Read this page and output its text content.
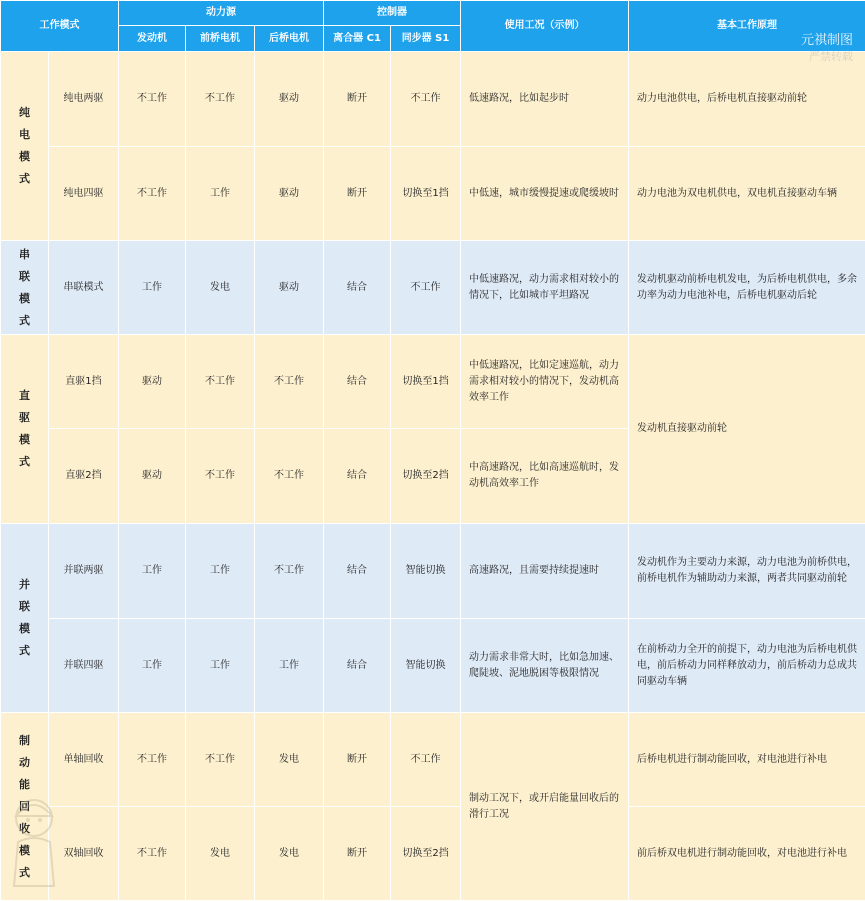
工作模式		动力源			控制器		使用工况（示例）	基本工作原理
		发动机	前桥电机	后桥电机	离合器 C1	同步器 S1		
纯电模式	纯电两驱	不工作	不工作	驱动	断开	不工作	低速路况，比如起步时	动力电池供电，后桥电机直接驱动前轮
	纯电四驱	不工作	工作	驱动	断开	切换至1挡	中低速，城市缓慢提速或爬缓坡时	动力电池为双电机供电，双电机直接驱动车辆
串联模式	串联模式	工作	发电	驱动	结合	不工作	中低速路况，动力需求相对较小的情况下，比如城市平坦路况	发动机驱动前桥电机发电，为后桥电机供电，多余功率为动力电池补电，后桥电机驱动后轮
直驱模式	直驱1挡	驱动	不工作	不工作	结合	切换至1挡	中低速路况，比如定速巡航，动力需求相对较小的情况下，发动机高效率工作	发动机直接驱动前轮
	直驱2挡	驱动	不工作	不工作	结合	切换至2挡	中高速路况，比如高速巡航时，发动机高效率工作	
并联模式	并联两驱	工作	工作	不工作	结合	智能切换	高速路况，且需要持续提速时	发动机作为主要动力来源，动力电池为前桥供电，前桥电机作为辅助动力来源，两者共同驱动前轮
	并联四驱	工作	工作	工作	结合	智能切换	动力需求非常大时，比如急加速、爬陡坡、泥地脱困等极限情况	在前桥动力全开的前提下，动力电池为后桥电机供电，前后桥动力同样释放动力，前后桥动力总成共同驱动车辆
制动能回收模式	单轴回收	不工作	不工作	发电	断开	不工作	制动工况下，或开启能量回收后的滑行工况	后桥电机进行制动能回收，对电池进行补电
	双轴回收	不工作	发电	发电	断开	切换至2挡		前后桥双电机进行制动能回收，对电池进行补电
元祺制图
严禁转载
